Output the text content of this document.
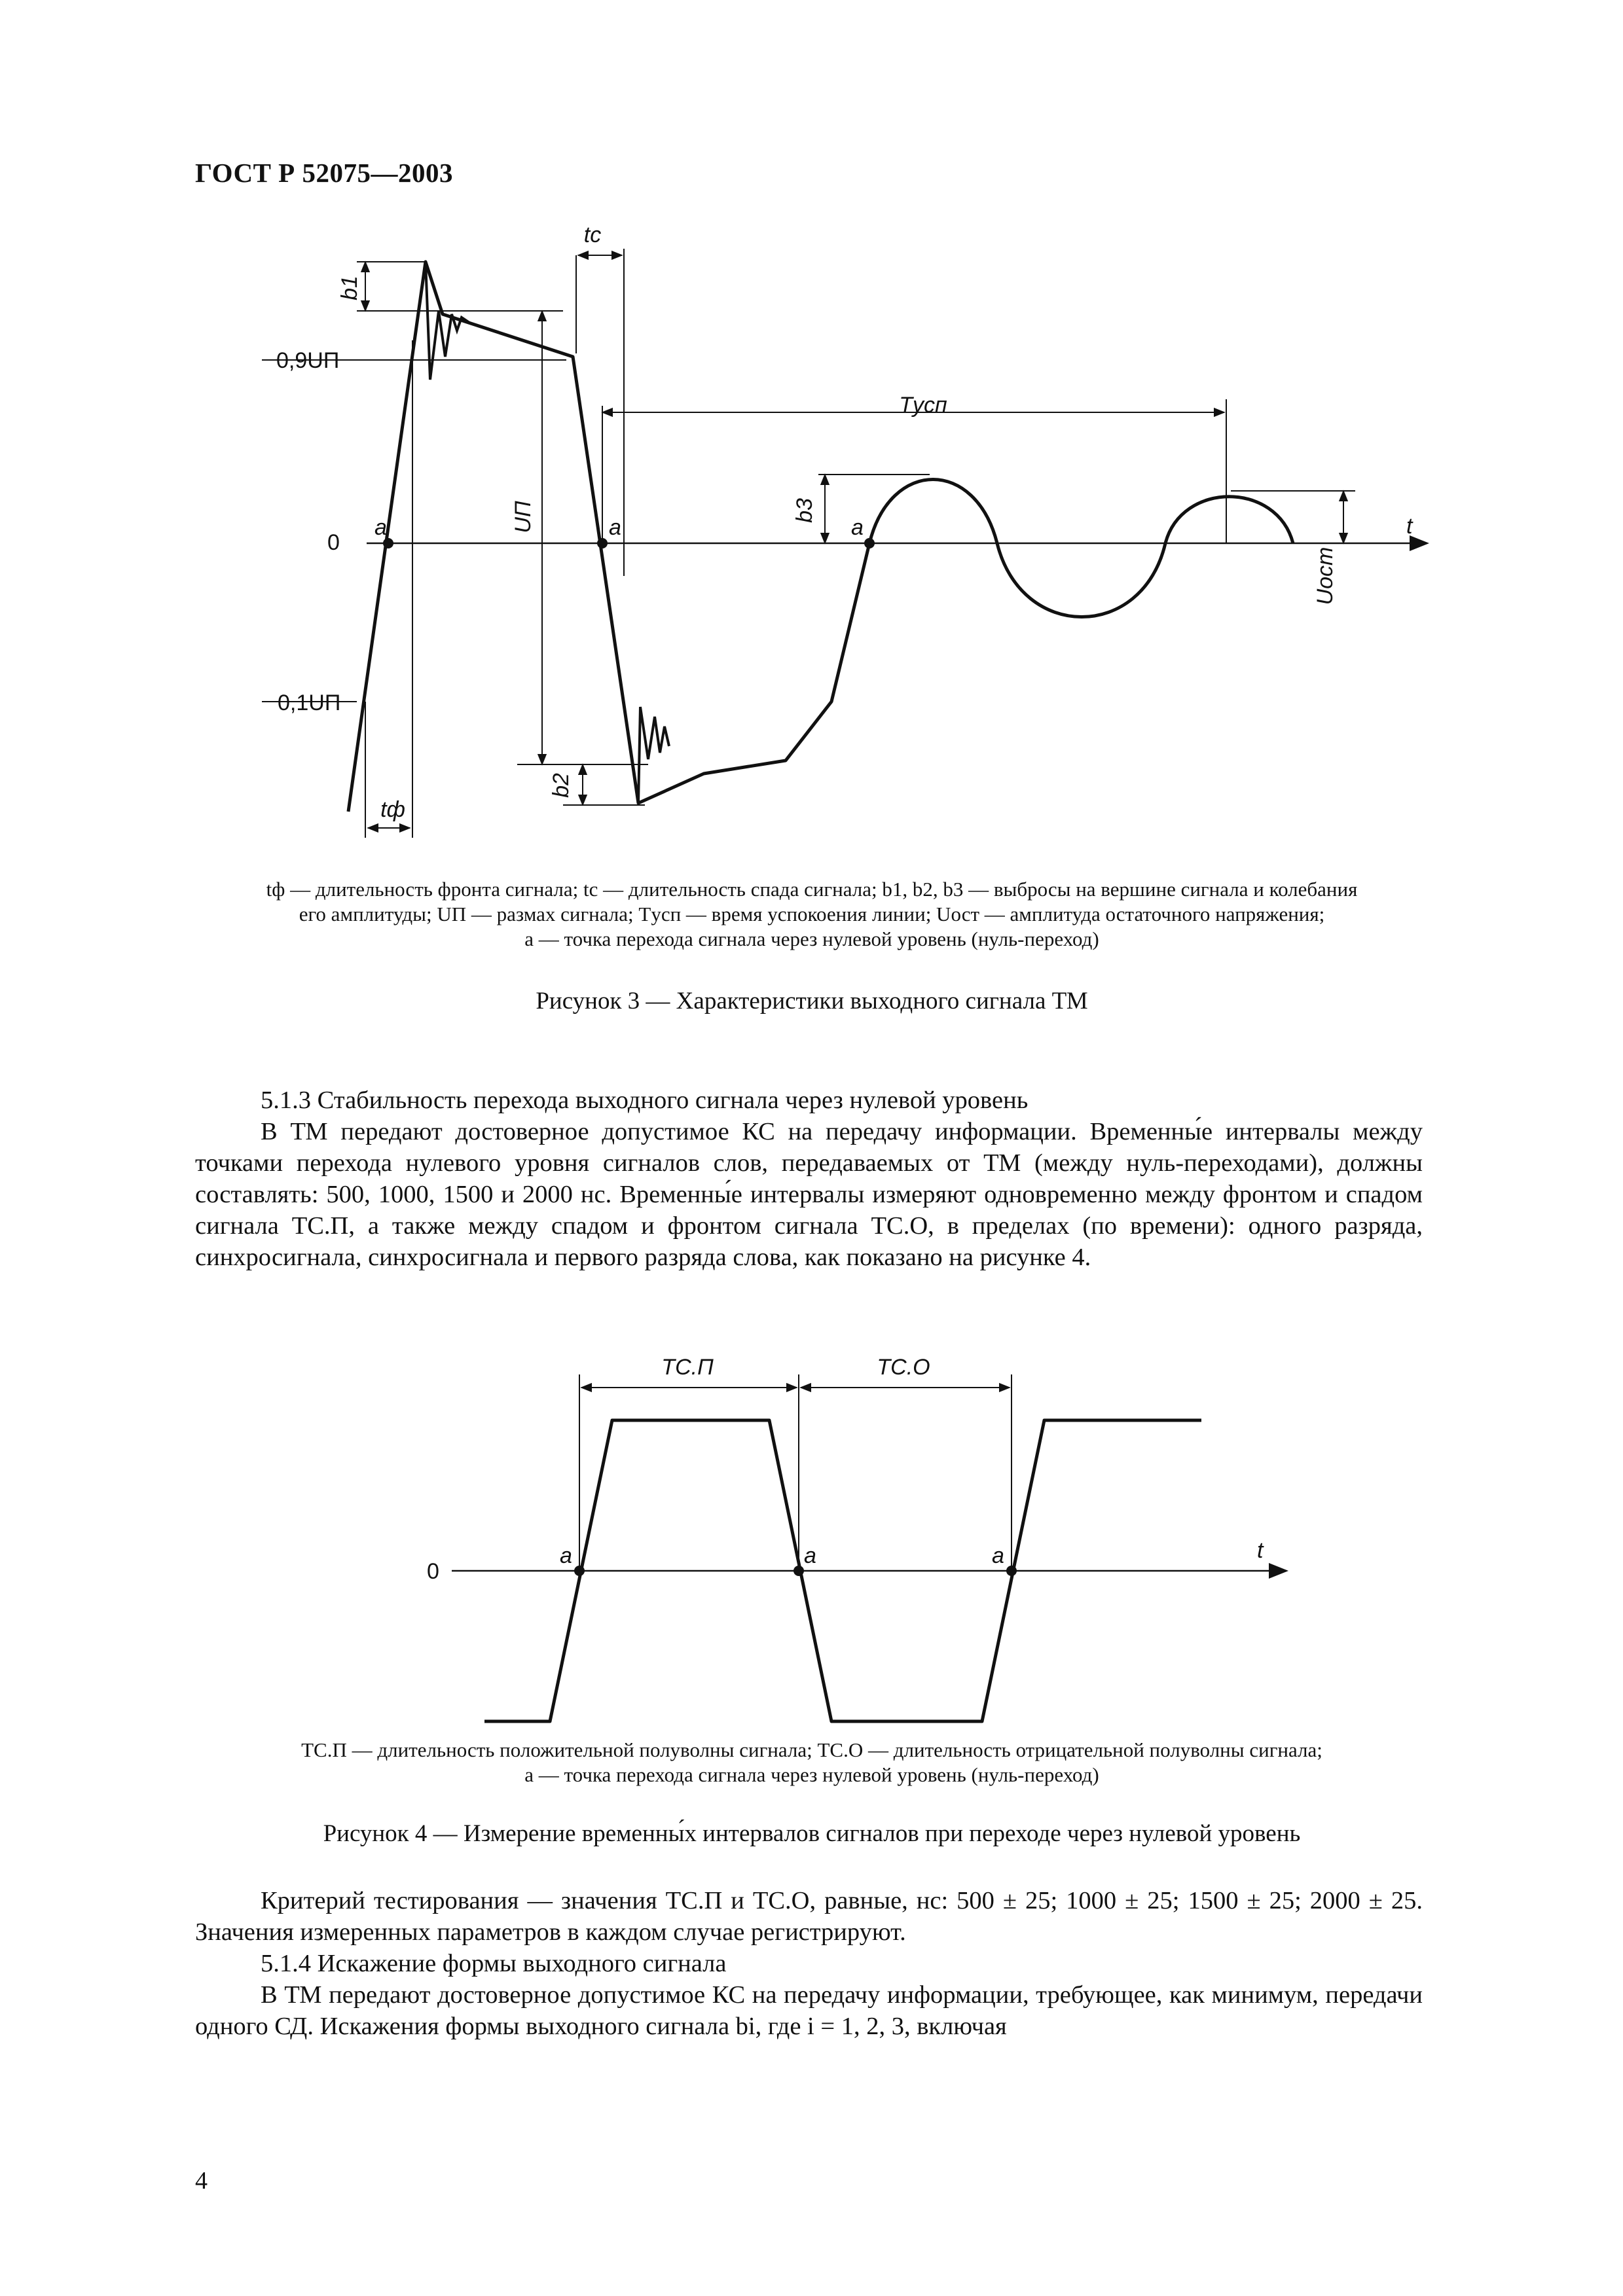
ГОСТ Р 52075—2003
tc
b1
0,9UП
Tусп
b3
0
a	a	a
UП	t
Uост
0,1UП
b2
tф
tф — длительность фронта сигнала; tс — длительность спада сигнала; b1, b2, b3 — выбросы на вершине сигнала и колебания
его амплитуды; UП — размах сигнала; Tусп — время успокоения линии; Uост — амплитуда остаточного напряжения;
a — точка перехода сигнала через нулевой уровень (нуль-переход)
Рисунок 3 — Характеристики выходного сигнала ТМ

5.1.3 Стабильность перехода выходного сигнала через нулевой уровень

В ТМ передают достоверное допустимое КС на передачу информации. Временны́е интервалы между точками перехода нулевого уровня сигналов слов, передаваемых от ТМ (между нуль-переходами), должны составлять: 500, 1000, 1500 и 2000 нс. Временны́е интервалы измеряют одновременно между фронтом и спадом сигнала TС.П, а также между спадом и фронтом сигнала TС.О, в пределах (по времени): одного разряда, синхросигнала, синхросигнала и первого разряда слова, как показано на рисунке 4.

TС.П	TС.О
0
a	a	a	t
TС.П — длительность положительной полуволны сигнала; TС.О — длительность отрицательной полуволны сигнала;
a — точка перехода сигнала через нулевой уровень (нуль-переход)
Рисунок 4 — Измерение временны́х интервалов сигналов при переходе через нулевой уровень

Критерий тестирования — значения TС.П и TС.О, равные, нс: 500 ± 25; 1000 ± 25; 1500 ± 25; 2000 ± 25. Значения измеренных параметров в каждом случае регистрируют.

5.1.4 Искажение формы выходного сигнала

В ТМ передают достоверное допустимое КС на передачу информации, требующее, как минимум, передачи одного СД. Искажения формы выходного сигнала bi, где i = 1, 2, 3, включая

4
